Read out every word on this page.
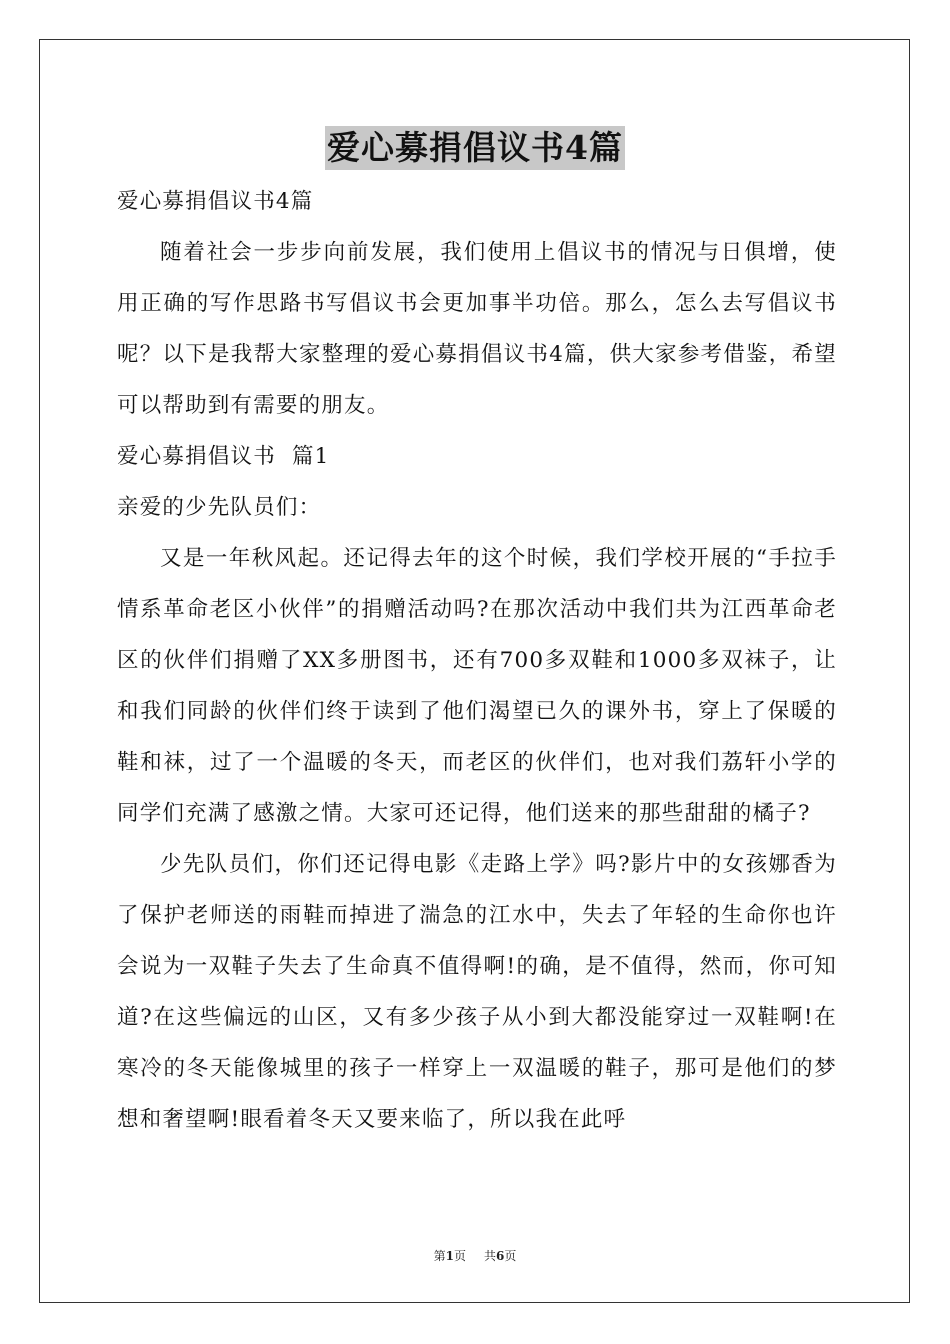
爱心募捐倡议书4篇

爱心募捐倡议书4篇

随着社会一步步向前发展，我们使用上倡议书的情况与日俱增，使用正确的写作思路书写倡议书会更加事半功倍。那么，怎么去写倡议书呢？以下是我帮大家整理的爱心募捐倡议书4篇，供大家参考借鉴，希望可以帮助到有需要的朋友。

爱心募捐倡议书  篇1

亲爱的少先队员们：

又是一年秋风起。还记得去年的这个时候，我们学校开展的“手拉手情系革命老区小伙伴”的捐赠活动吗?在那次活动中我们共为江西革命老区的伙伴们捐赠了XX多册图书，还有700多双鞋和1000多双袜子，让和我们同龄的伙伴们终于读到了他们渴望已久的课外书，穿上了保暖的鞋和袜，过了一个温暖的冬天，而老区的伙伴们，也对我们荔轩小学的同学们充满了感激之情。大家可还记得，他们送来的那些甜甜的橘子?

少先队员们，你们还记得电影《走路上学》吗?影片中的女孩娜香为了保护老师送的雨鞋而掉进了湍急的江水中，失去了年轻的生命你也许会说为一双鞋子失去了生命真不值得啊!的确，是不值得，然而，你可知道?在这些偏远的山区，又有多少孩子从小到大都没能穿过一双鞋啊!在寒冷的冬天能像城里的孩子一样穿上一双温暖的鞋子，那可是他们的梦想和奢望啊!眼看着冬天又要来临了，所以我在此呼

第1页 共6页
